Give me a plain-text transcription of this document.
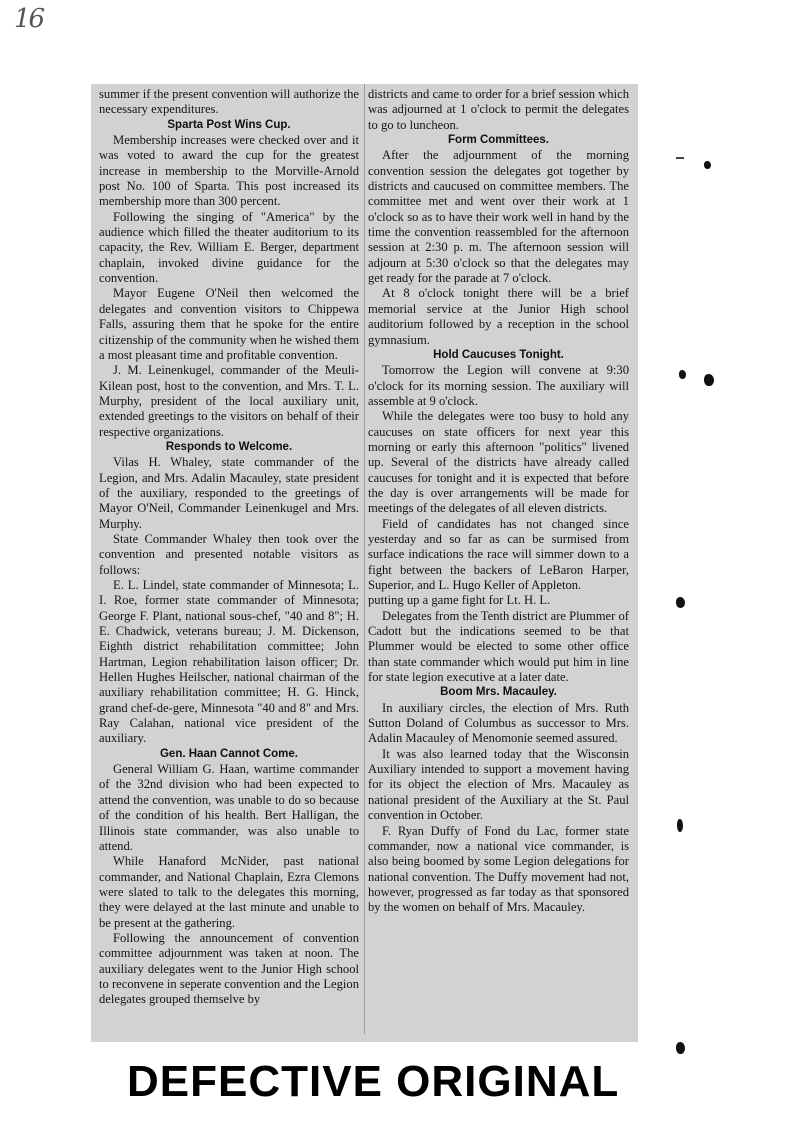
16

summer if the present convention will authorize the necessary expenditures.

Sparta Post Wins Cup.

Membership increases were checked over and it was voted to award the cup for the greatest increase in membership to the Morville-Arnold post No. 100 of Sparta. This post increased its membership more than 300 percent.

Following the singing of "America" by the audience which filled the theater auditorium to its capacity, the Rev. William E. Berger, department chaplain, invoked divine guidance for the convention.

Mayor Eugene O'Neil then welcomed the delegates and convention visitors to Chippewa Falls, assuring them that he spoke for the entire citizenship of the community when he wished them a most pleasant time and profitable convention.

J. M. Leinenkugel, commander of the Meuli-Kilean post, host to the convention, and Mrs. T. L. Murphy, president of the local auxiliary unit, extended greetings to the visitors on behalf of their respective organizations.

Responds to Welcome.

Vilas H. Whaley, state commander of the Legion, and Mrs. Adalin Macauley, state president of the auxiliary, responded to the greetings of Mayor O'Neil, Commander Leinenkugel and Mrs. Murphy.

State Commander Whaley then took over the convention and presented notable visitors as follows:

E. L. Lindel, state commander of Minnesota; L. I. Roe, former state commander of Minnesota; George F. Plant, national sous-chef, "40 and 8"; H. E. Chadwick, veterans bureau; J. M. Dickenson, Eighth district rehabilitation committee; John Hartman, Legion rehabilitation laison officer; Dr. Hellen Hughes Heilscher, national chairman of the auxiliary rehabilitation committee; H. G. Hinck, grand chef-de-gere, Minnesota "40 and 8" and Mrs. Ray Calahan, national vice president of the auxiliary.

Gen. Haan Cannot Come.

General William G. Haan, wartime commander of the 32nd division who had been expected to attend the convention, was unable to do so because of the condition of his health. Bert Halligan, the Illinois state commander, was also unable to attend.

While Hanaford McNider, past national commander, and National Chaplain, Ezra Clemons were slated to talk to the delegates this morning, they were delayed at the last minute and unable to be present at the gathering.

Following the announcement of convention committee adjournment was taken at noon. The auxiliary delegates went to the Junior High school to reconvene in seperate convention and the Legion delegates grouped themselve by

districts and came to order for a brief session which was adjourned at 1 o'clock to permit the delegates to go to luncheon.

Form Committees.

After the adjournment of the morning convention session the delegates got together by districts and caucused on committee members. The committee met and went over their work at 1 o'clock so as to have their work well in hand by the time the convention reassembled for the afternoon session at 2:30 p. m. The afternoon session will adjourn at 5:30 o'clock so that the delegates may get ready for the parade at 7 o'clock.

At 8 o'clock tonight there will be a brief memorial service at the Junior High school auditorium followed by a reception in the school gymnasium.

Hold Caucuses Tonight.

Tomorrow the Legion will convene at 9:30 o'clock for its morning session. The auxiliary will assemble at 9 o'clock.

While the delegates were too busy to hold any caucuses on state officers for next year this morning or early this afternoon "politics" livened up. Several of the districts have already called caucuses for tonight and it is expected that before the day is over arrangements will be made for meetings of the delegates of all eleven districts.

Field of candidates has not changed since yesterday and so far as can be surmised from surface indications the race will simmer down to a fight between the backers of LeBaron Harper, Superior, and L. Hugo Keller of Appleton.

putting up a game fight for Lt. H. L.

Delegates from the Tenth district are Plummer of Cadott but the indications seemed to be that Plummer would be elected to some other office than state commander which would put him in line for state legion executive at a later date.

Boom Mrs. Macauley.

In auxiliary circles, the election of Mrs. Ruth Sutton Doland of Columbus as successor to Mrs. Adalin Macauley of Menomonie seemed assured.

It was also learned today that the Wisconsin Auxiliary intended to support a movement having for its object the election of Mrs. Macauley as national president of the Auxiliary at the St. Paul convention in October.

F. Ryan Duffy of Fond du Lac, former state commander, now a national vice commander, is also being boomed by some Legion delegations for national convention. The Duffy movement had not, however, progressed as far today as that sponsored by the women on behalf of Mrs. Macauley.

DEFECTIVE ORIGINAL
